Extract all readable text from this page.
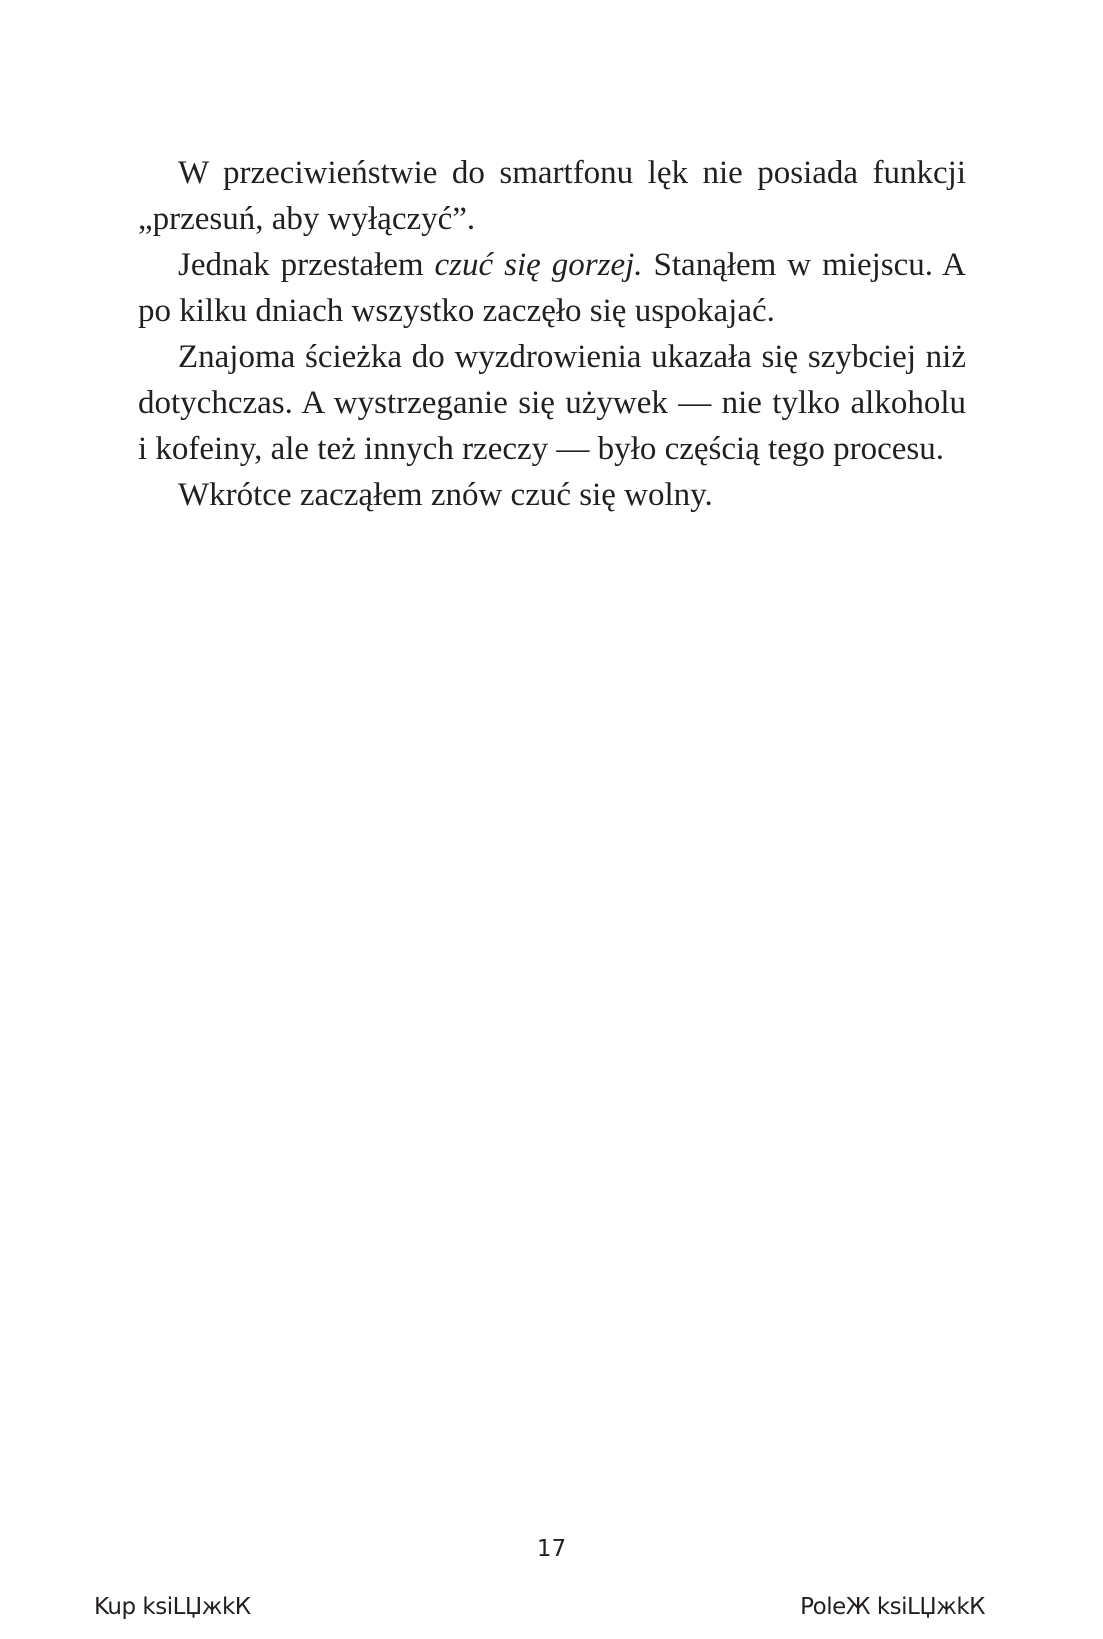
W przeciwieństwie do smartfonu lęk nie posiada funkcji „przesuń, aby wyłączyć”.

Jednak przestałem czuć się gorzej. Stanąłem w miejscu. A po kilku dniach wszystko zaczęło się uspokajać.

Znajoma ścieżka do wyzdrowienia ukazała się szybciej niż dotychczas. A wystrzeganie się używek — nie tylko alkoholu i kofeiny, ale też innych rzeczy — było częścią tego procesu.

Wkrótce zacząłem znów czuć się wolny.

17
Kup ksiLЏжkК	PoleЖ ksiLЏжkК
